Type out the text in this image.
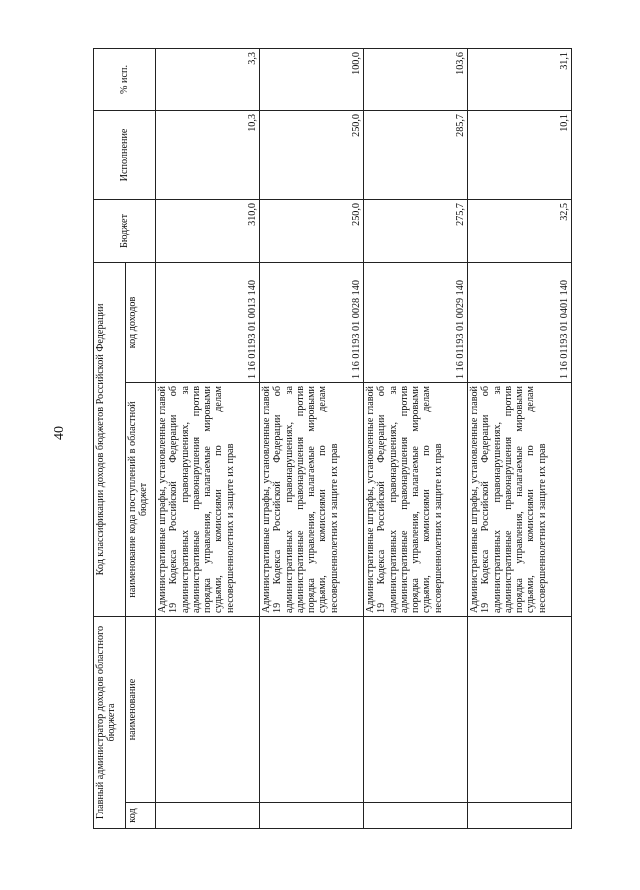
40
Главный администратор доходов областного бюджета		Код классификации доходов бюджетов Российской Федерации		Бюджет	Исполнение	% исп.
код	наименование	наименование кода поступлений в областной бюджет	код доходов			
		Административные штрафы, установленные главой 19 Кодекса Российской Федерации об административных правонарушениях, за административные правонарушения против порядка управления, налагаемые мировыми судьями, комиссиями по делам несовершеннолетних и защите их прав	1 16 01193 01 0013 140	310,0	10,3	3,3
		Административные штрафы, установленные главой 19 Кодекса Российской Федерации об административных правонарушениях, за административные правонарушения против порядка управления, налагаемые мировыми судьями, комиссиями по делам несовершеннолетних и защите их прав	1 16 01193 01 0028 140	250,0	250,0	100,0
		Административные штрафы, установленные главой 19 Кодекса Российской Федерации об административных правонарушениях, за административные правонарушения против порядка управления, налагаемые мировыми судьями, комиссиями по делам несовершеннолетних и защите их прав	1 16 01193 01 0029 140	275,7	285,7	103,6
		Административные штрафы, установленные главой 19 Кодекса Российской Федерации об административных правонарушениях, за административные правонарушения против порядка управления, налагаемые мировыми судьями, комиссиями по делам несовершеннолетних и защите их прав	1 16 01193 01 0401 140	32,5	10,1	31,1
